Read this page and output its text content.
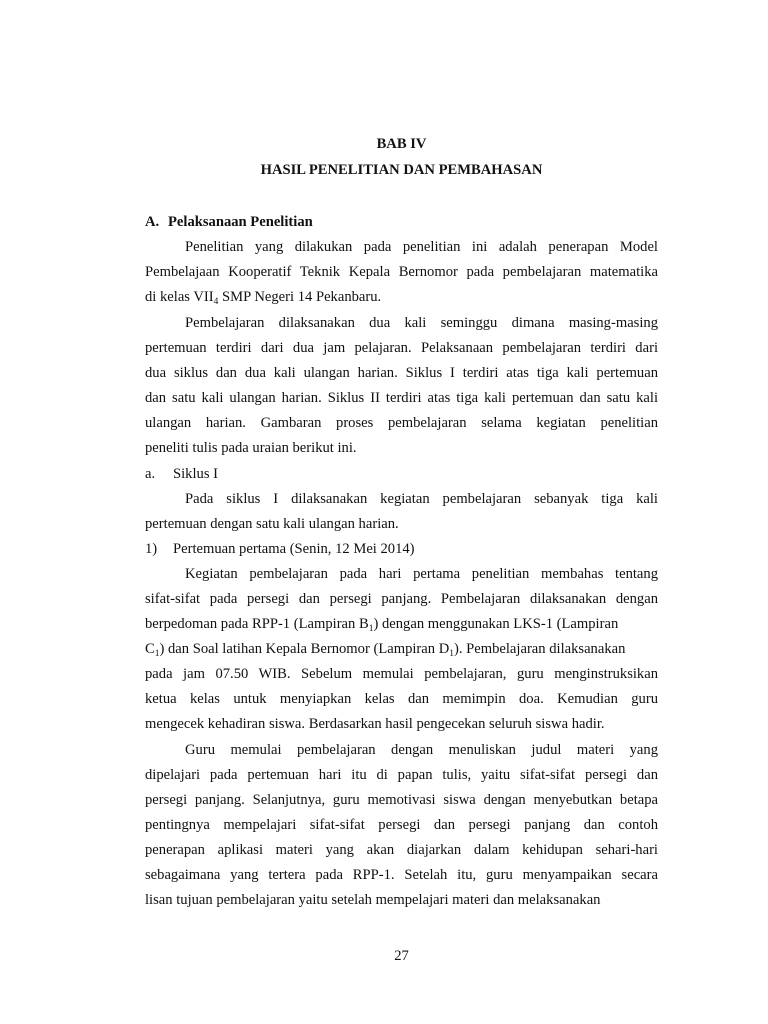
BAB IV
HASIL PENELITIAN DAN PEMBAHASAN
A. Pelaksanaan Penelitian
Penelitian yang dilakukan pada penelitian ini adalah penerapan Model
Pembelajaan Kooperatif Teknik Kepala Bernomor pada pembelajaran matematika
di kelas $VII_4$ SMP Negeri 14 Pekanbaru.
Pembelajaran dilaksanakan dua kali seminggu dimana masing-masing
pertemuan terdiri dari dua jam pelajaran. Pelaksanaan pembelajaran terdiri dari
dua siklus dan dua kali ulangan harian. Siklus I terdiri atas tiga kali pertemuan
dan satu kali ulangan harian. Siklus II terdiri atas tiga kali pertemuan dan satu kali
ulangan harian. Gambaran proses pembelajaran selama kegiatan penelitian
peneliti tulis pada uraian berikut ini.
a. Siklus I
Pada siklus I dilaksanakan kegiatan pembelajaran sebanyak tiga kali
pertemuan dengan satu kali ulangan harian.
1) Pertemuan pertama (Senin, 12 Mei 2014)
Kegiatan pembelajaran pada hari pertama penelitian membahas tentang
sifat-sifat pada persegi dan persegi panjang. Pembelajaran dilaksanakan dengan
berpedoman pada RPP-1 (Lampiran $B_1$) dengan menggunakan LKS-1 (Lampiran
$C_1$) dan Soal latihan Kepala Bernomor (Lampiran $D_1$). Pembelajaran dilaksanakan
pada jam 07.50 WIB. Sebelum memulai pembelajaran, guru menginstruksikan
ketua kelas untuk menyiapkan kelas dan memimpin doa. Kemudian guru
mengecek kehadiran siswa. Berdasarkan hasil pengecekan seluruh siswa hadir.
Guru memulai pembelajaran dengan menuliskan judul materi yang
dipelajari pada pertemuan hari itu di papan tulis, yaitu sifat-sifat persegi dan
persegi panjang. Selanjutnya, guru memotivasi siswa dengan menyebutkan betapa
pentingnya mempelajari sifat-sifat persegi dan persegi panjang dan contoh
penerapan aplikasi materi yang akan diajarkan dalam kehidupan sehari-hari
sebagaimana yang tertera pada RPP-1. Setelah itu, guru menyampaikan secara
lisan tujuan pembelajaran yaitu setelah mempelajari materi dan melaksanakan
27
